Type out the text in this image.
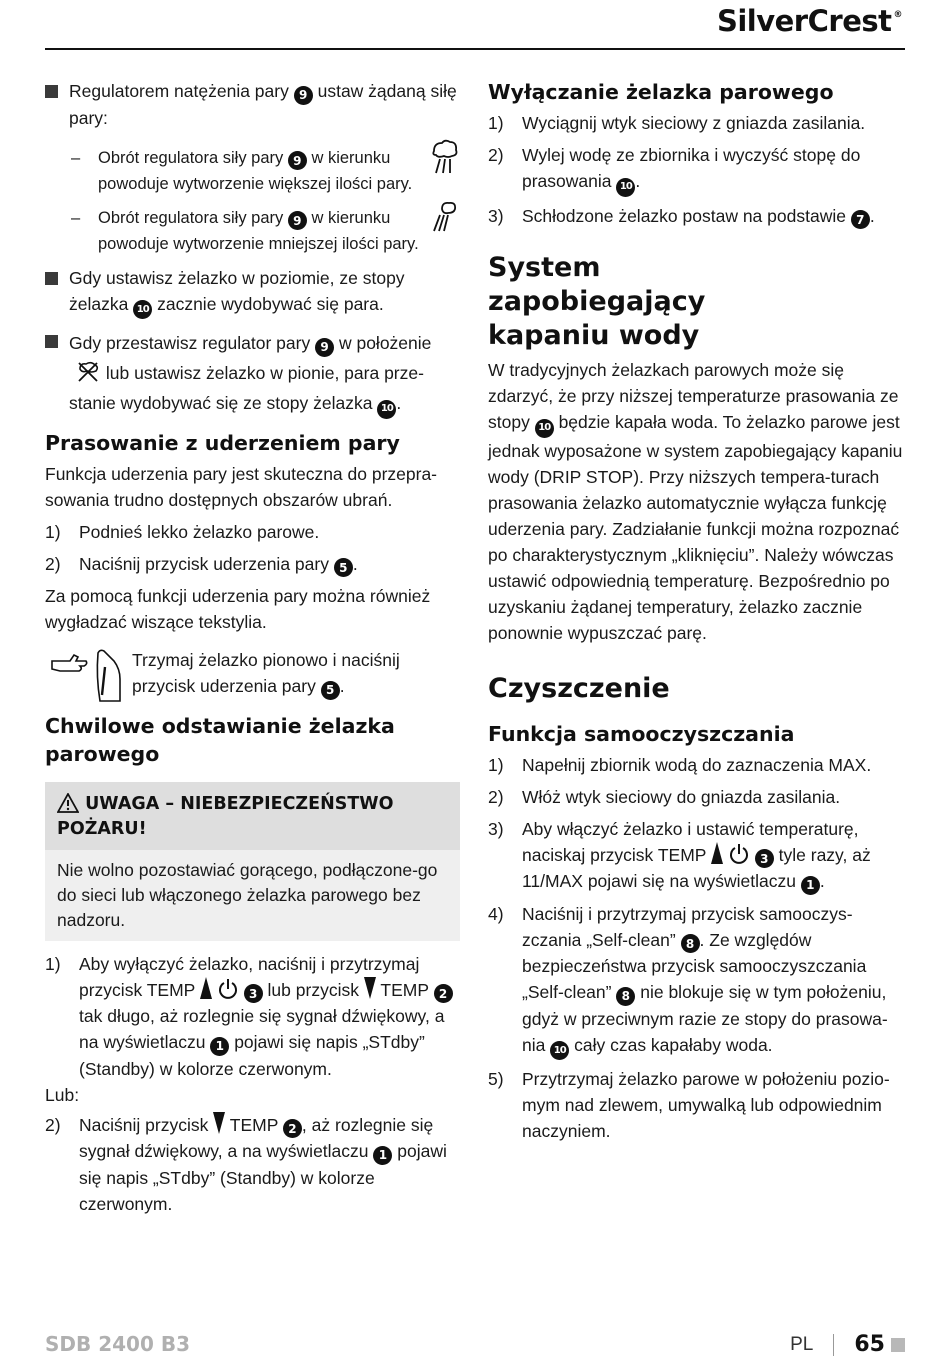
SilverCrest ®

Regulatorem natężenia pary 9 ustaw żądaną siłę pary:

– Obrót regulatora siły pary 9 w kierunku
powoduje wytworzenie większej ilości pary.

– Obrót regulatora siły pary 9 w kierunku
powoduje wytworzenie mniejszej ilości pary.

Gdy ustawisz żelazko w poziomie, ze stopy żelazka 10 zacznie wydobywać się para.

Gdy przestawisz regulator pary 9 w położenie
lub ustawisz żelazko w pionie, para prze-stanie wydobywać się ze stopy żelazka 10 .

Prasowanie z uderzeniem pary

Funkcja uderzenia pary jest skuteczna do przepra-sowania trudno dostępnych obszarów ubrań.

1) Podnieś lekko żelazko parowe.

2) Naciśnij przycisk uderzenia pary 5 .

Za pomocą funkcji uderzenia pary można również wygładzać wiszące tekstylia.

Trzymaj żelazko pionowo i naciśnij przycisk uderzenia pary 5 .

Chwilowe odstawianie żelazka parowego
UWAGA – NIEBEZPIECZEŃSTWO POŻARU!
Nie wolno pozostawiać gorącego, podłączone-go do sieci lub włączonego żelazka parowego bez nadzoru.

1) Aby wyłączyć żelazko, naciśnij i przytrzymaj przycisk TEMP	3 lub przycisk TEMP 2 tak długo, aż rozlegnie się sygnał dźwiękowy, a na wyświetlaczu 1 pojawi się napis „STdby” (Standby) w kolorze czerwonym.

Lub:

2) Naciśnij przycisk TEMP 2 , aż rozlegnie się sygnał dźwiękowy, a na wyświetlaczu 1 pojawi się napis „STdby” (Standby) w kolorze czerwonym.

Wyłączanie żelazka parowego

1) Wyciągnij wtyk sieciowy z gniazda zasilania.

2) Wylej wodę ze zbiornika i wyczyść stopę do prasowania 10 .

3) Schłodzone żelazko postaw na podstawie 7 .

System zapobiegający kapaniu wody

W tradycyjnych żelazkach parowych może się zdarzyć, że przy niższej temperaturze prasowania ze stopy 10 będzie kapała woda. To żelazko parowe jest jednak wyposażone w system zapobiegający kapaniu wody (DRIP STOP). Przy niższych tempera-turach prasowania żelazko automatycznie wyłącza funkcję uderzenia pary. Zadziałanie funkcji można rozpoznać po charakterystycznym „kliknięciu”. Należy wówczas ustawić odpowiednią temperaturę. Bezpośrednio po uzyskaniu żądanej temperatury, żelazko zacznie ponownie wypuszczać parę.

Czyszczenie
Funkcja samooczyszczania

1) Napełnij zbiornik wodą do zaznaczenia MAX.

2) Włóż wtyk sieciowy do gniazda zasilania.

3) Aby włączyć żelazko i ustawić temperaturę, naciskaj przycisk TEMP	3 tyle razy, aż 11/MAX pojawi się na wyświetlaczu 1 .

4) Naciśnij i przytrzymaj przycisk samooczys-zczania „Self-clean” 8 . Ze względów bezpieczeństwa przycisk samooczyszczania „Self-clean” 8 nie blokuje się w tym położeniu, gdyż w przeciwnym razie ze stopy do prasowa-nia 10 cały czas kapałaby woda.

5) Przytrzymaj żelazko parowe w położeniu pozio-mym nad zlewem, umywalką lub odpowiednim naczyniem.

SDB 2400 B3	PL 65
